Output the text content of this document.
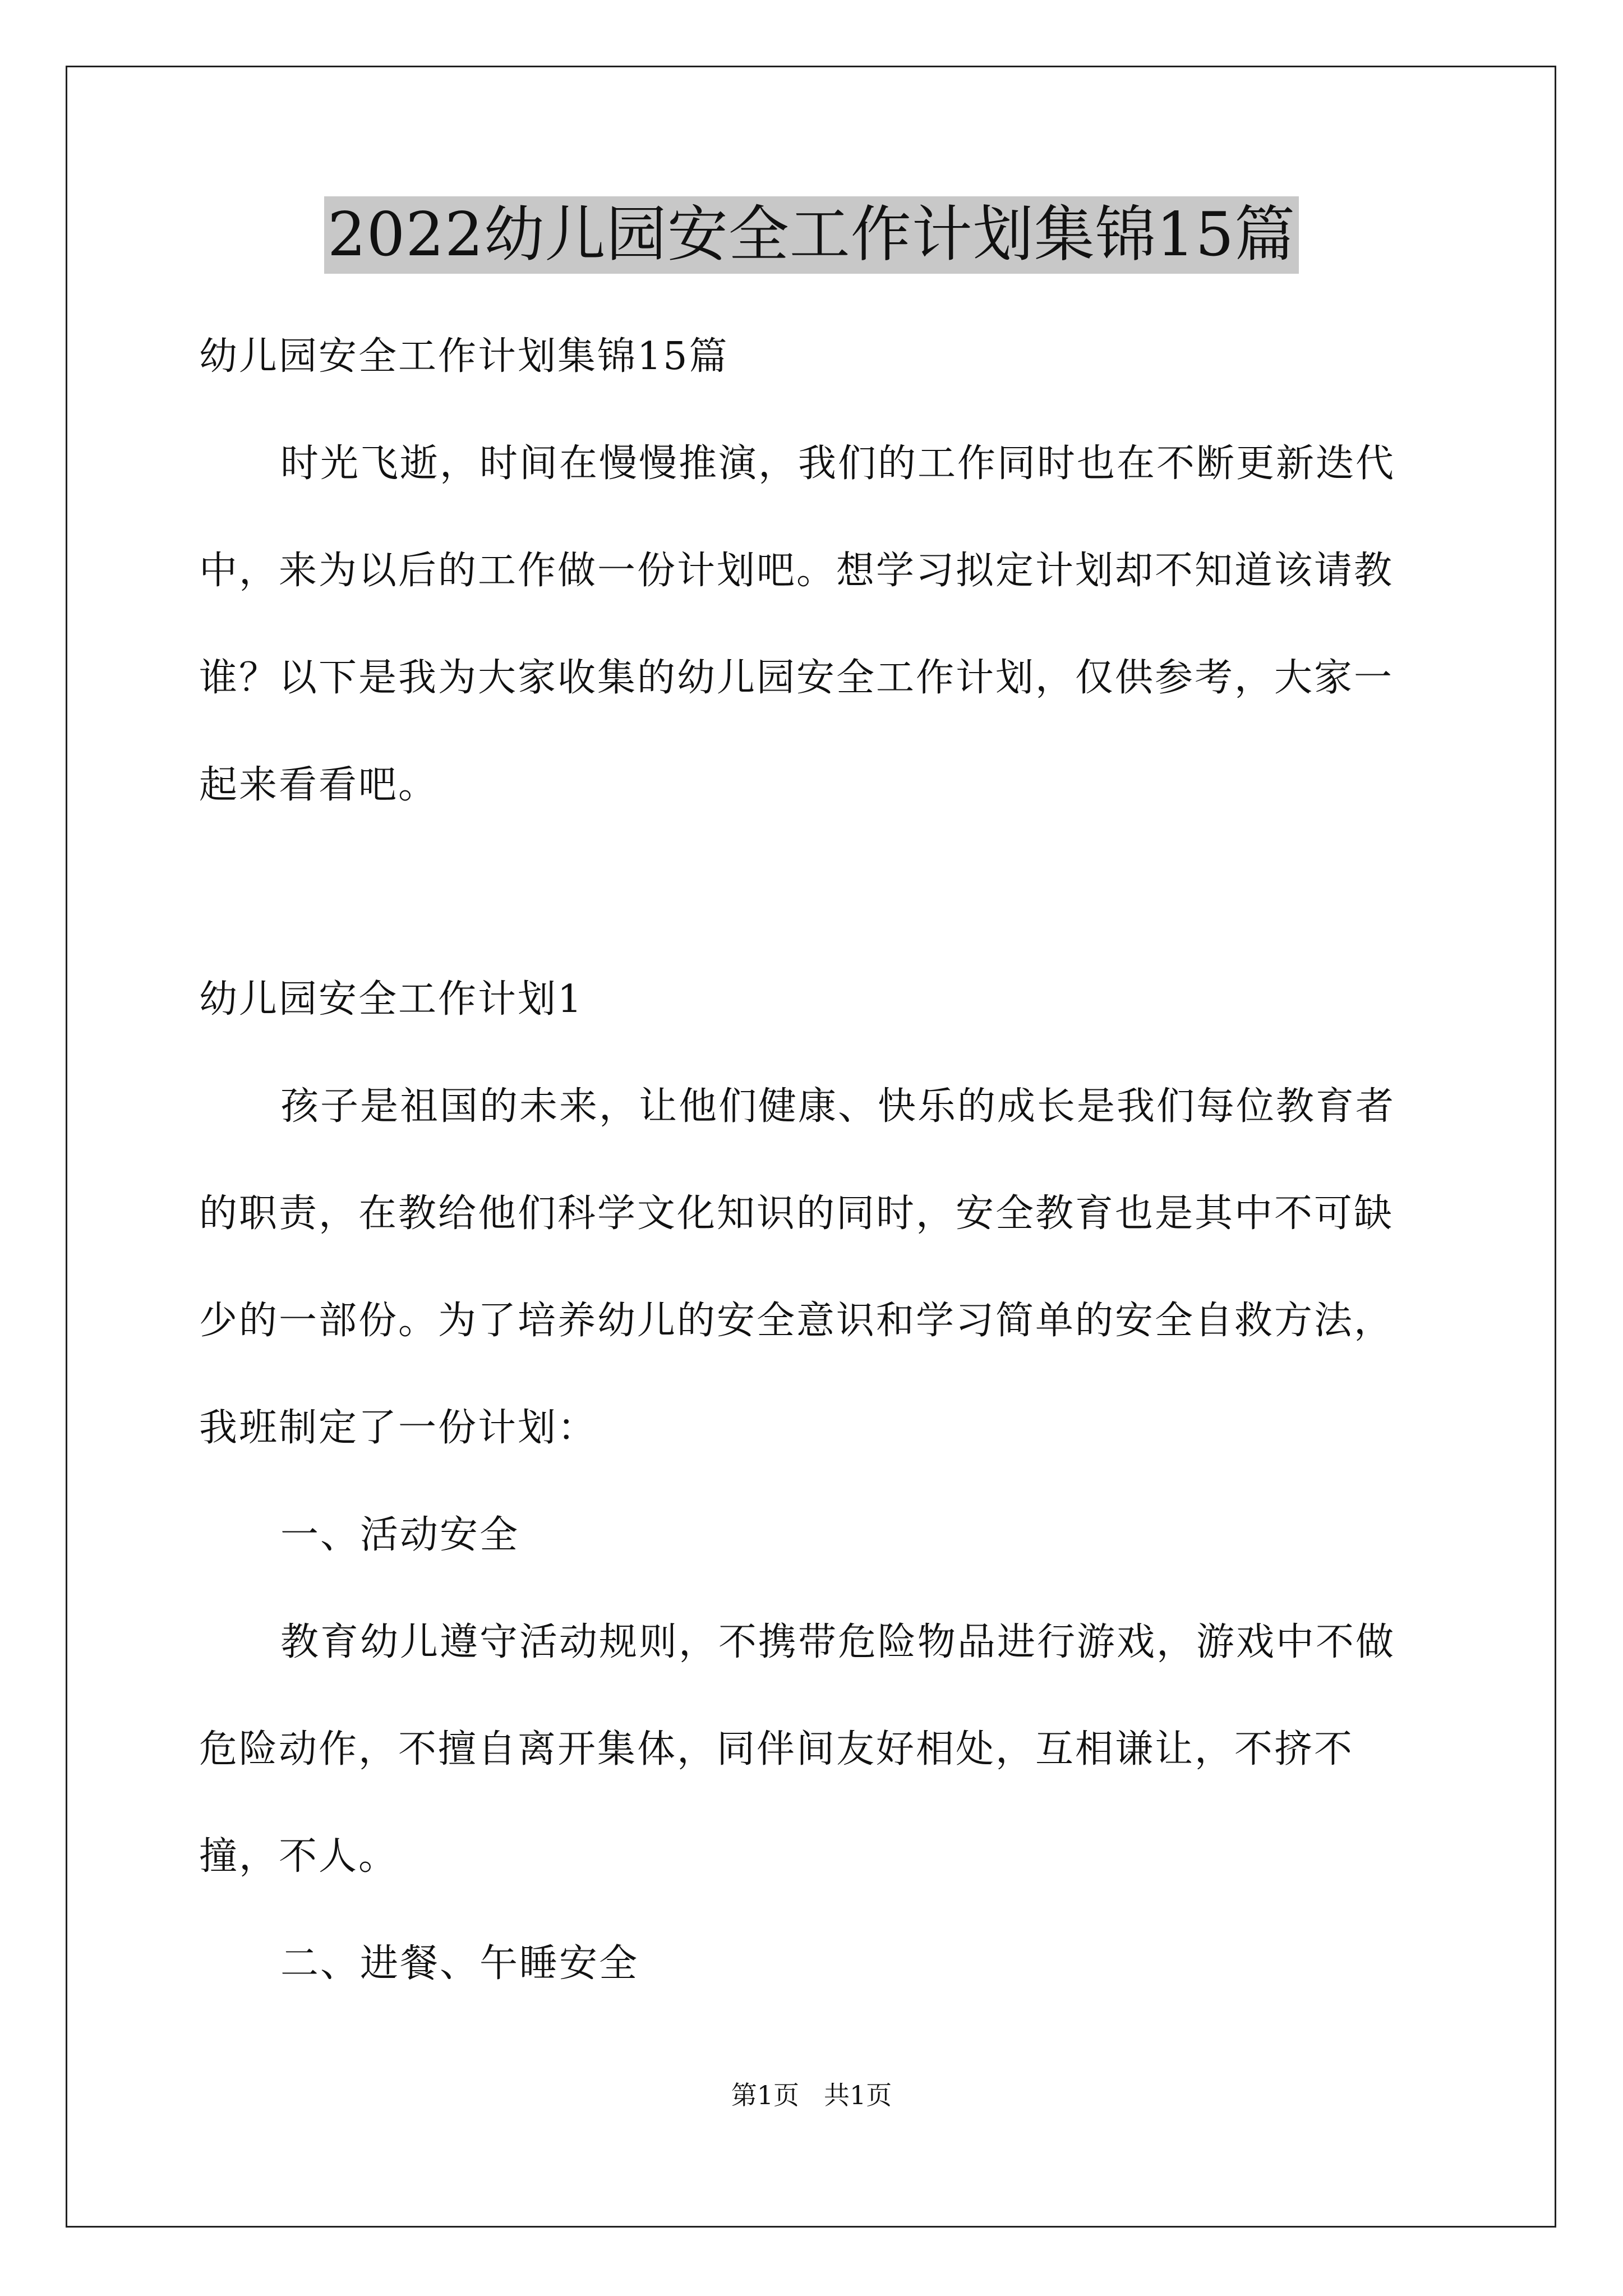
2022幼儿园安全工作计划集锦15篇

幼儿园安全工作计划集锦15篇

时光飞逝，时间在慢慢推演，我们的工作同时也在不断更新迭代中，来为以后的工作做一份计划吧。想学习拟定计划却不知道该请教谁？以下是我为大家收集的幼儿园安全工作计划，仅供参考，大家一起来看看吧。

幼儿园安全工作计划1

孩子是祖国的未来，让他们健康、快乐的成长是我们每位教育者的职责，在教给他们科学文化知识的同时，安全教育也是其中不可缺少的一部份。为了培养幼儿的安全意识和学习简单的安全自救方法，我班制定了一份计划：

一、活动安全

教育幼儿遵守活动规则，不携带危险物品进行游戏，游戏中不做危险动作，不擅自离开集体，同伴间友好相处，互相谦让，不挤不撞，不人。

二、进餐、午睡安全

第1页 共1页
